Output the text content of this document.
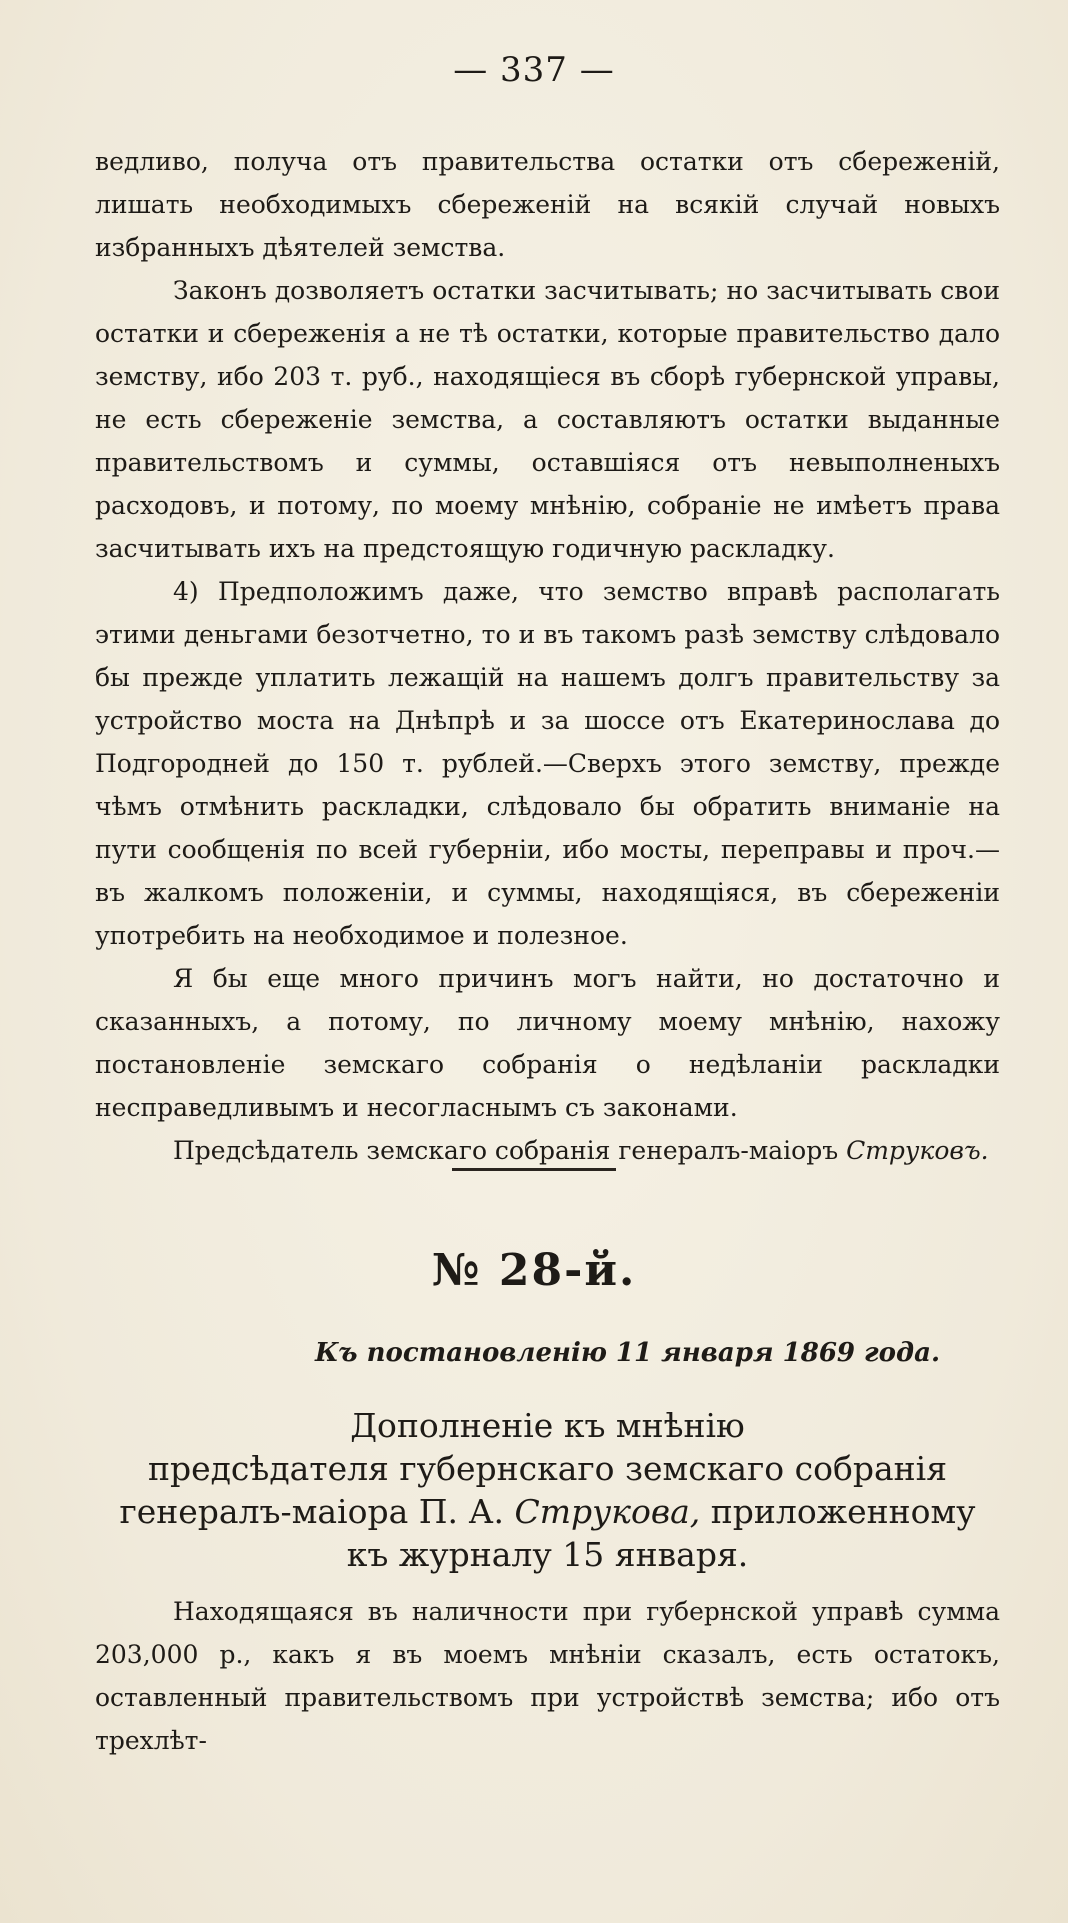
— 337 —

ведливо, получа отъ правительства остатки отъ сбереженій, лишать необходимыхъ сбереженій на всякій случай новыхъ избранныхъ дѣятелей земства.

Законъ дозволяетъ остатки засчитывать; но засчитывать свои остатки и сбереженія а не тѣ остатки, которые правительство дало земству, ибо 203 т. руб., находящіеся въ сборѣ губернской управы, не есть сбереженіе земства, а составляютъ остатки выданные правительствомъ и суммы, оставшіяся отъ невыполненыхъ расходовъ, и потому, по моему мнѣнію, собраніе не имѣетъ права засчитывать ихъ на предстоящую годичную раскладку.

4) Предположимъ даже, что земство вправѣ располагать этими деньгами безотчетно, то и въ такомъ разѣ земству слѣдовало бы прежде уплатить лежащій на нашемъ долгъ правительству за устройство моста на Днѣпрѣ и за шоссе отъ Екатеринослава до Подгородней до 150 т. рублей.—Сверхъ этого земству, прежде чѣмъ отмѣнить раскладки, слѣдовало бы обратить вниманіе на пути сообщенія по всей губерніи, ибо мосты, переправы и проч.— въ жалкомъ положеніи, и суммы, находящіяся, въ сбереженіи употребить на необходимое и полезное.

Я бы еще много причинъ могъ найти, но достаточно и сказанныхъ, а потому, по личному моему мнѣнію, нахожу постановленіе земскаго собранія о недѣланіи раскладки несправедливымъ и несогласнымъ съ законами.

Предсѣдатель земскаго собранія генералъ-маіоръ Струковъ.

№ 28-й.
Къ постановленію 11 января 1869 года.
Дополненіе къ мнѣнію
предсѣдателя губернскаго земскаго собранія генералъ-маіора П. А. Струкова, приложенному къ журналу 15 января.

Находящаяся въ наличности при губернской управѣ сумма 203,000 р., какъ я въ моемъ мнѣніи сказалъ, есть остатокъ, оставленный правительствомъ при устройствѣ земства; ибо отъ трехлѣт-
